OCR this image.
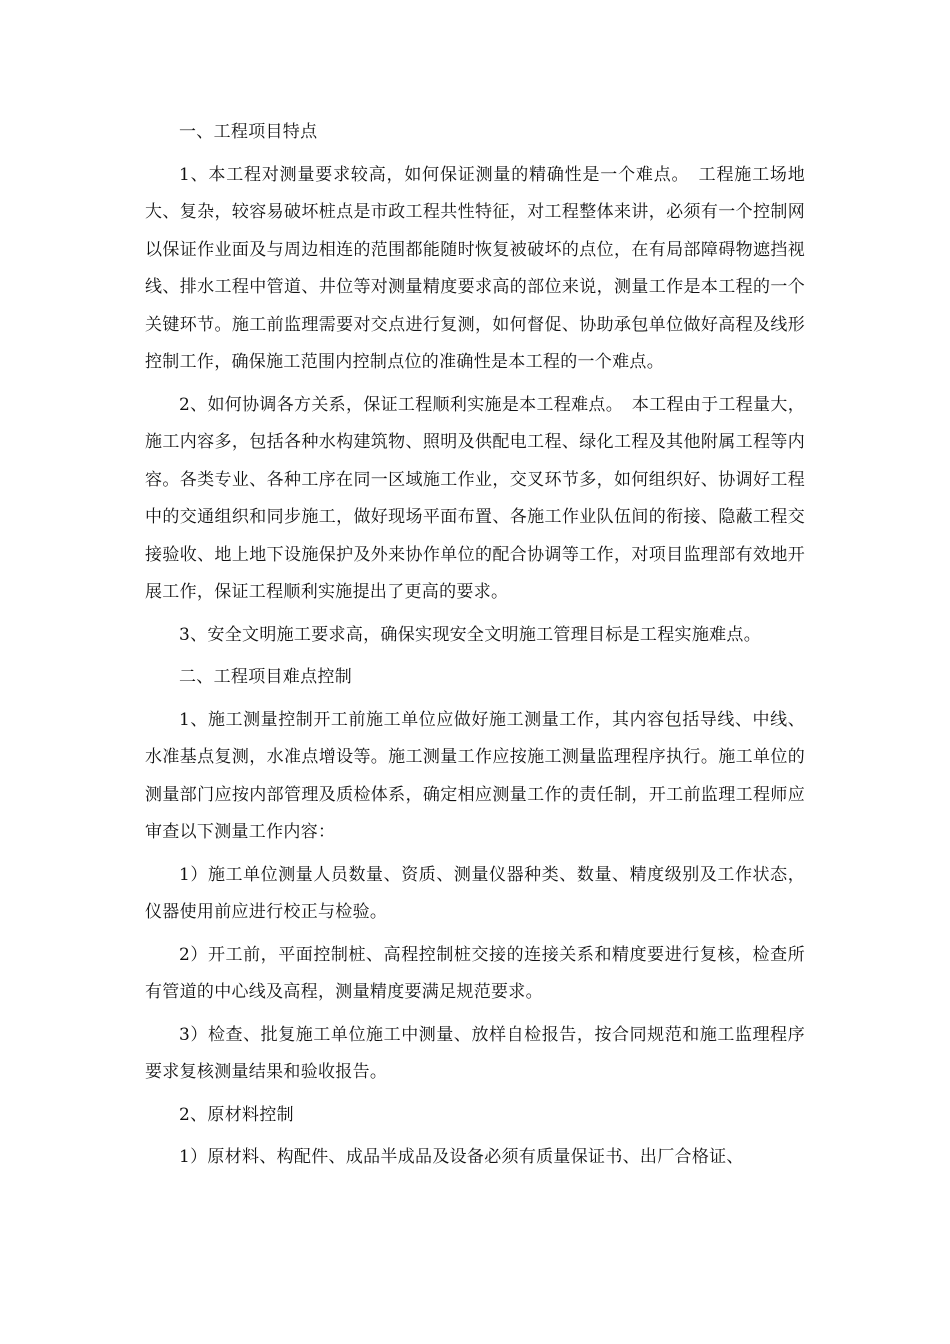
一、工程项目特点

1、本工程对测量要求较高，如何保证测量的精确性是一个难点。　工程施工场地大、复杂，较容易破坏桩点是市政工程共性特征，对工程整体来讲，必须有一个控制网以保证作业面及与周边相连的范围都能随时恢复被破坏的点位，在有局部障碍物遮挡视线、排水工程中管道、井位等对测量精度要求高的部位来说，测量工作是本工程的一个关键环节。施工前监理需要对交点进行复测，如何督促、协助承包单位做好高程及线形控制工作，确保施工范围内控制点位的准确性是本工程的一个难点。

2、如何协调各方关系，保证工程顺利实施是本工程难点。　本工程由于工程量大，施工内容多，包括各种水构建筑物、照明及供配电工程、绿化工程及其他附属工程等内容。各类专业、各种工序在同一区域施工作业，交叉环节多，如何组织好、协调好工程中的交通组织和同步施工，做好现场平面布置、各施工作业队伍间的衔接、隐蔽工程交接验收、地上地下设施保护及外来协作单位的配合协调等工作，对项目监理部有效地开展工作，保证工程顺利实施提出了更高的要求。

3、安全文明施工要求高，确保实现安全文明施工管理目标是工程实施难点。

二、工程项目难点控制

1、施工测量控制开工前施工单位应做好施工测量工作，其内容包括导线、中线、水准基点复测，水准点增设等。施工测量工作应按施工测量监理程序执行。施工单位的测量部门应按内部管理及质检体系，确定相应测量工作的责任制，开工前监理工程师应审查以下测量工作内容：

1）施工单位测量人员数量、资质、测量仪器种类、数量、精度级别及工作状态，仪器使用前应进行校正与检验。

2）开工前，平面控制桩、高程控制桩交接的连接关系和精度要进行复核，检查所有管道的中心线及高程，测量精度要满足规范要求。

3）检查、批复施工单位施工中测量、放样自检报告，按合同规范和施工监理程序要求复核测量结果和验收报告。

2、原材料控制

1）原材料、构配件、成品半成品及设备必须有质量保证书、出厂合格证、
